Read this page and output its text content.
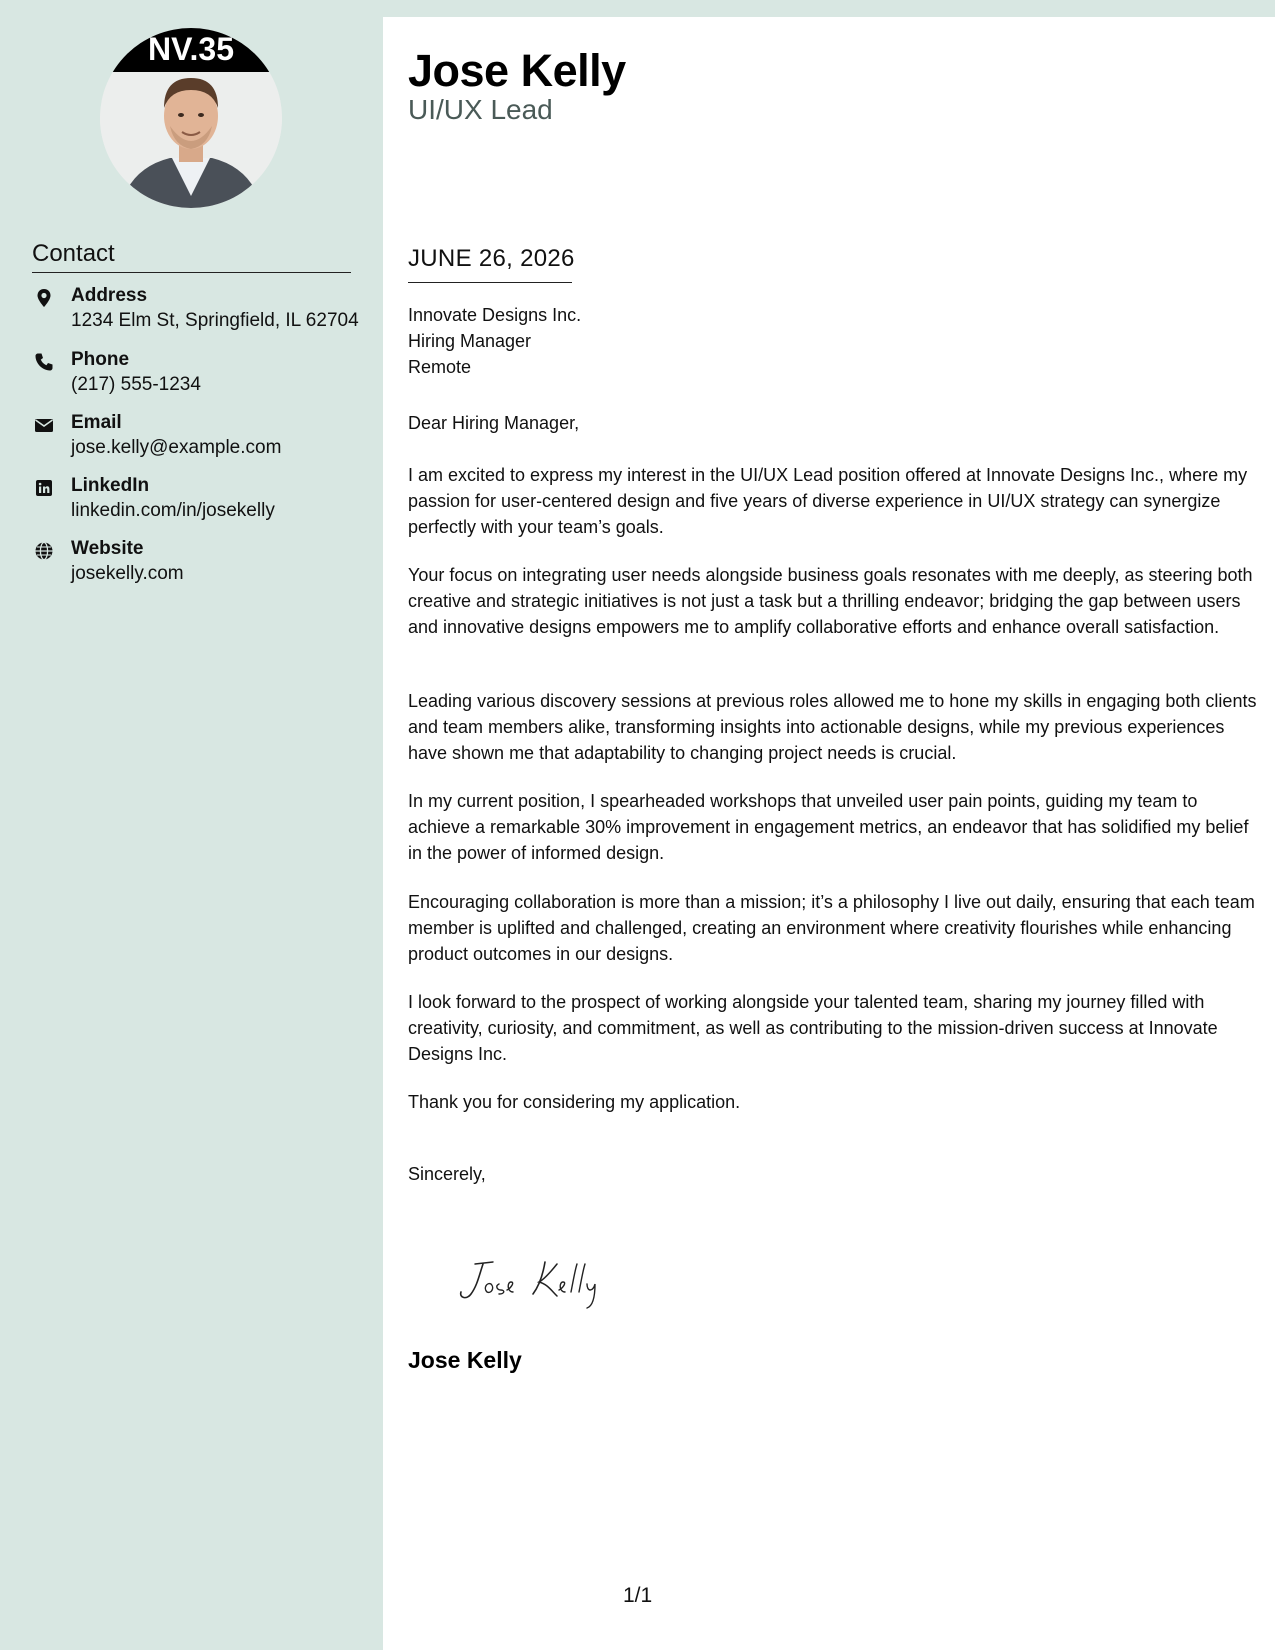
NV.35
Contact
Address
1234 Elm St, Springfield, IL 62704
Phone
(217) 555-1234
Email
jose.kelly@example.com
LinkedIn
linkedin.com/in/josekelly
Website
josekelly.com
Jose Kelly
UI/UX Lead
JUNE 26, 2026
Innovate Designs Inc.
Hiring Manager
Remote
Dear Hiring Manager,
I am excited to express my interest in the UI/UX Lead position offered at Innovate Designs Inc., where my passion for user-centered design and five years of diverse experience in UI/UX strategy can synergize perfectly with your team’s goals.
Your focus on integrating user needs alongside business goals resonates with me deeply, as steering both creative and strategic initiatives is not just a task but a thrilling endeavor; bridging the gap between users and innovative designs empowers me to amplify collaborative efforts and enhance overall satisfaction.
Leading various discovery sessions at previous roles allowed me to hone my skills in engaging both clients and team members alike, transforming insights into actionable designs, while my previous experiences have shown me that adaptability to changing project needs is crucial.
In my current position, I spearheaded workshops that unveiled user pain points, guiding my team to achieve a remarkable 30% improvement in engagement metrics, an endeavor that has solidified my belief in the power of informed design.
Encouraging collaboration is more than a mission; it’s a philosophy I live out daily, ensuring that each team member is uplifted and challenged, creating an environment where creativity flourishes while enhancing product outcomes in our designs.
I look forward to the prospect of working alongside your talented team, sharing my journey filled with creativity, curiosity, and commitment, as well as contributing to the mission-driven success at Innovate Designs Inc.
Thank you for considering my application.
Sincerely,
Jose Kelly
1/1
